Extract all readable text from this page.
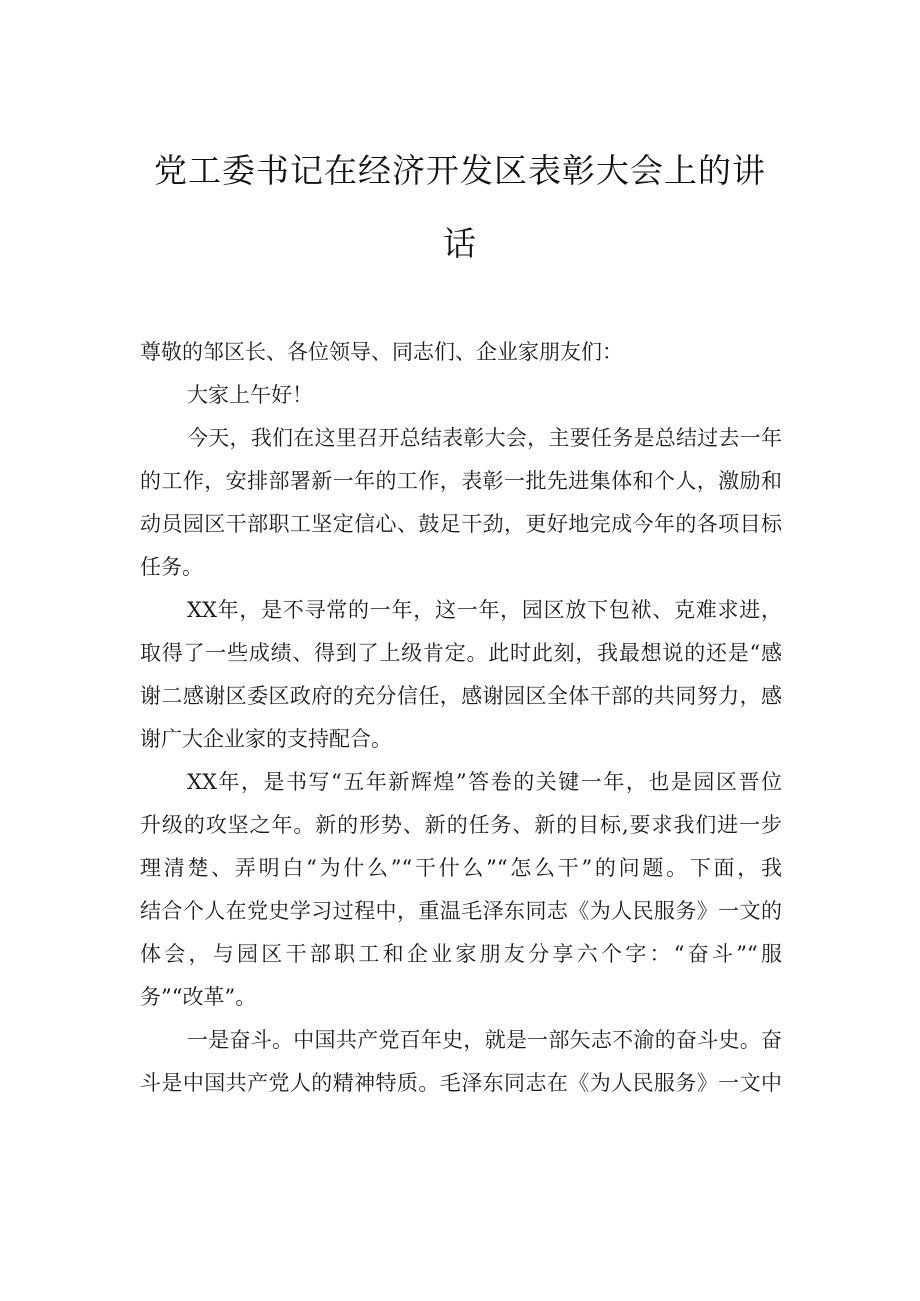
党工委书记在经济开发区表彰大会上的讲
话
尊敬的邹区长、各位领导、同志们、企业家朋友们：
大家上午好！
今天，我们在这里召开总结表彰大会，主要任务是总结过去一年
的工作，安排部署新一年的工作，表彰一批先进集体和个人，激励和
动员园区干部职工坚定信心、鼓足干劲，更好地完成今年的各项目标
任务。
XX年，是不寻常的一年，这一年，园区放下包袱、克难求进，
取得了一些成绩、得到了上级肯定。此时此刻，我最想说的还是“感
谢二感谢区委区政府的充分信任，感谢园区全体干部的共同努力，感
谢广大企业家的支持配合。
XX年，是书写“五年新辉煌”答卷的关键一年，也是园区晋位
升级的攻坚之年。新的形势、新的任务、新的目标,要求我们进一步
理清楚、弄明白“为什么”“干什么”“怎么干”的问题。下面，我
结合个人在党史学习过程中，重温毛泽东同志《为人民服务》一文的
体会，与园区干部职工和企业家朋友分享六个字：“奋斗”“服
务”“改革”。
一是奋斗。中国共产党百年史，就是一部矢志不渝的奋斗史。奋
斗是中国共产党人的精神特质。毛泽东同志在《为人民服务》一文中
